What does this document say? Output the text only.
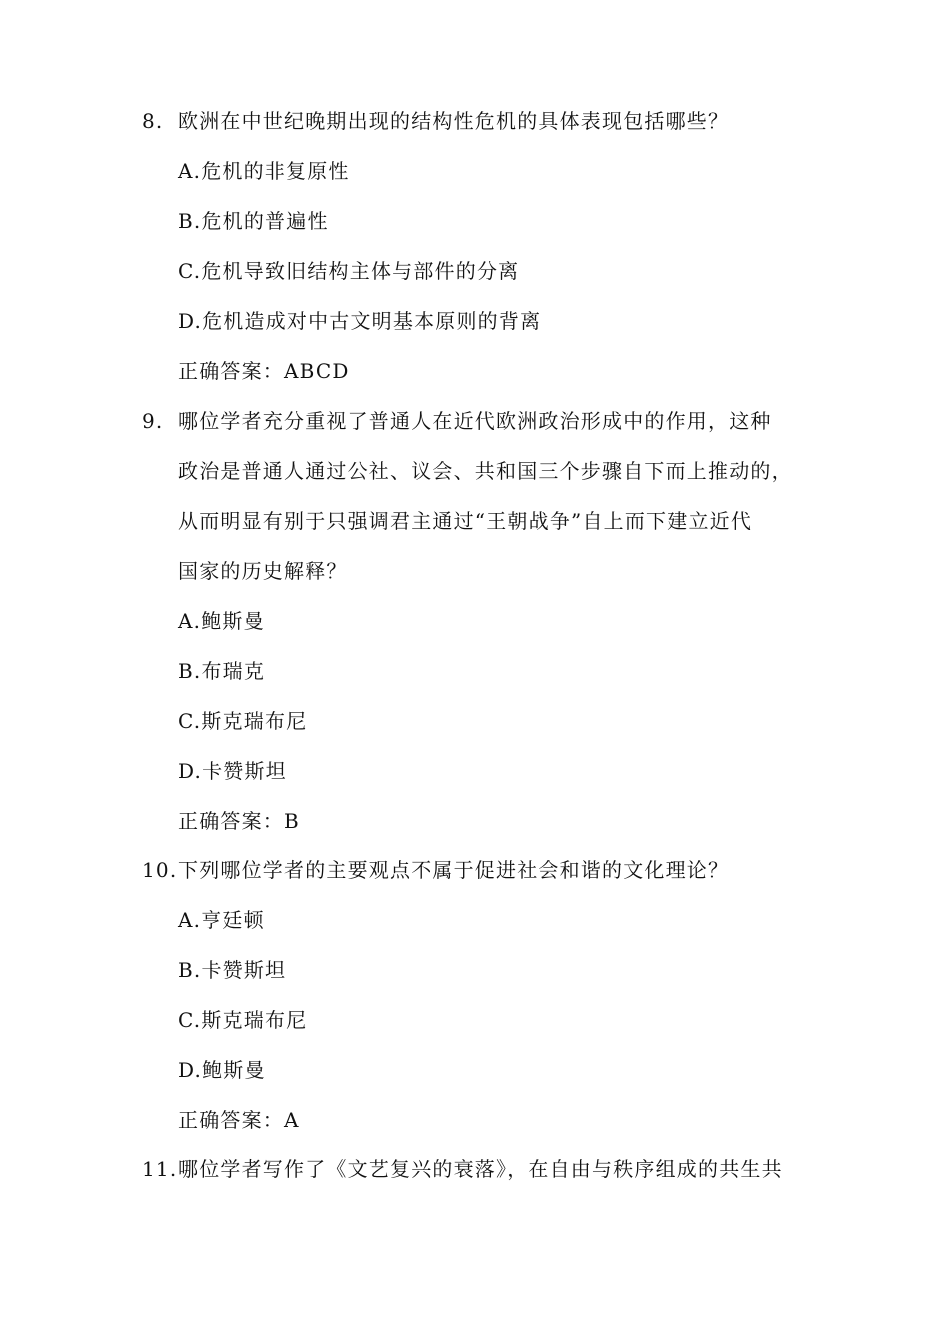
8. 欧洲在中世纪晚期出现的结构性危机的具体表现包括哪些？
A.危机的非复原性
B.危机的普遍性
C.危机导致旧结构主体与部件的分离
D.危机造成对中古文明基本原则的背离
正确答案：ABCD
9. 哪位学者充分重视了普通人在近代欧洲政治形成中的作用，这种
政治是普通人通过公社、议会、共和国三个步骤自下而上推动的，
从而明显有别于只强调君主通过“王朝战争”自上而下建立近代
国家的历史解释？
A.鲍斯曼
B.布瑞克
C.斯克瑞布尼
D.卡赞斯坦
正确答案：B
10. 下列哪位学者的主要观点不属于促进社会和谐的文化理论？
A.亨廷顿
B.卡赞斯坦
C.斯克瑞布尼
D.鲍斯曼
正确答案：A
11. 哪位学者写作了《文艺复兴的衰落》，在自由与秩序组成的共生共
